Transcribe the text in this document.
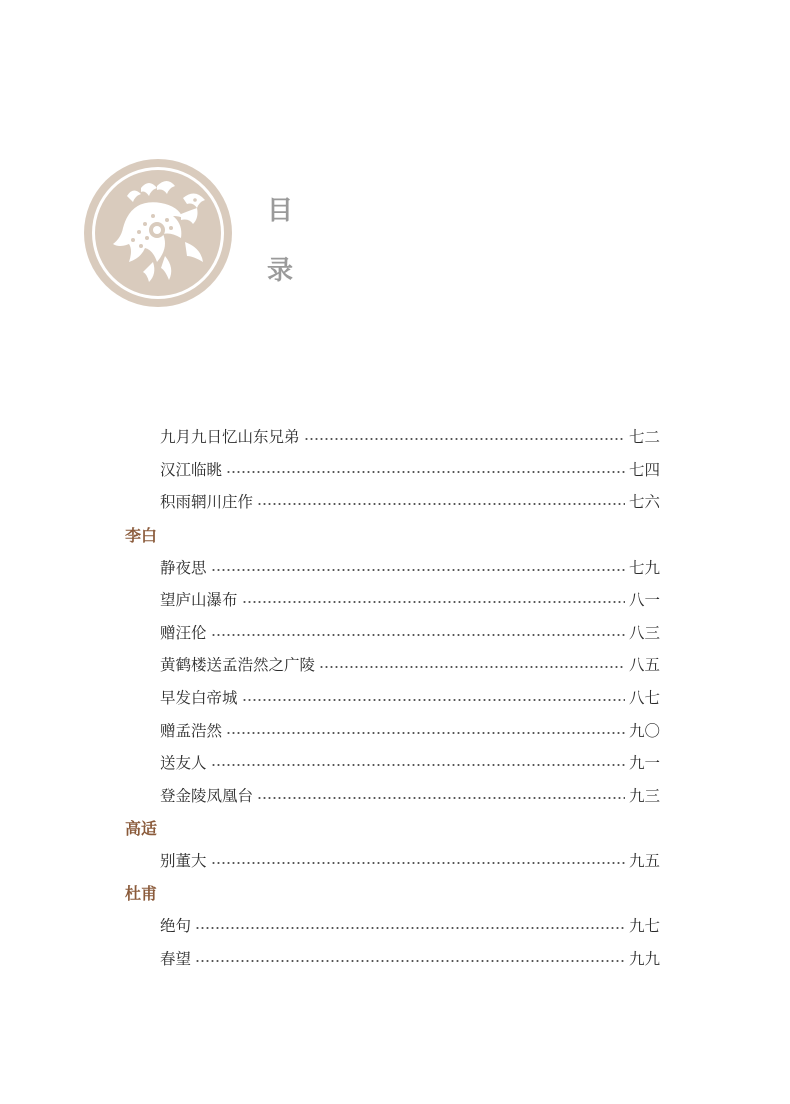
目
录
九月九日忆山东兄弟	七二
汉江临眺	七四
积雨辋川庄作	七六
李白
静夜思	七九
望庐山瀑布	八一
赠汪伦	八三
黄鹤楼送孟浩然之广陵	八五
早发白帝城	八七
赠孟浩然	九〇
送友人	九一
登金陵凤凰台	九三
高适
别董大	九五
杜甫
绝句	九七
春望	九九
